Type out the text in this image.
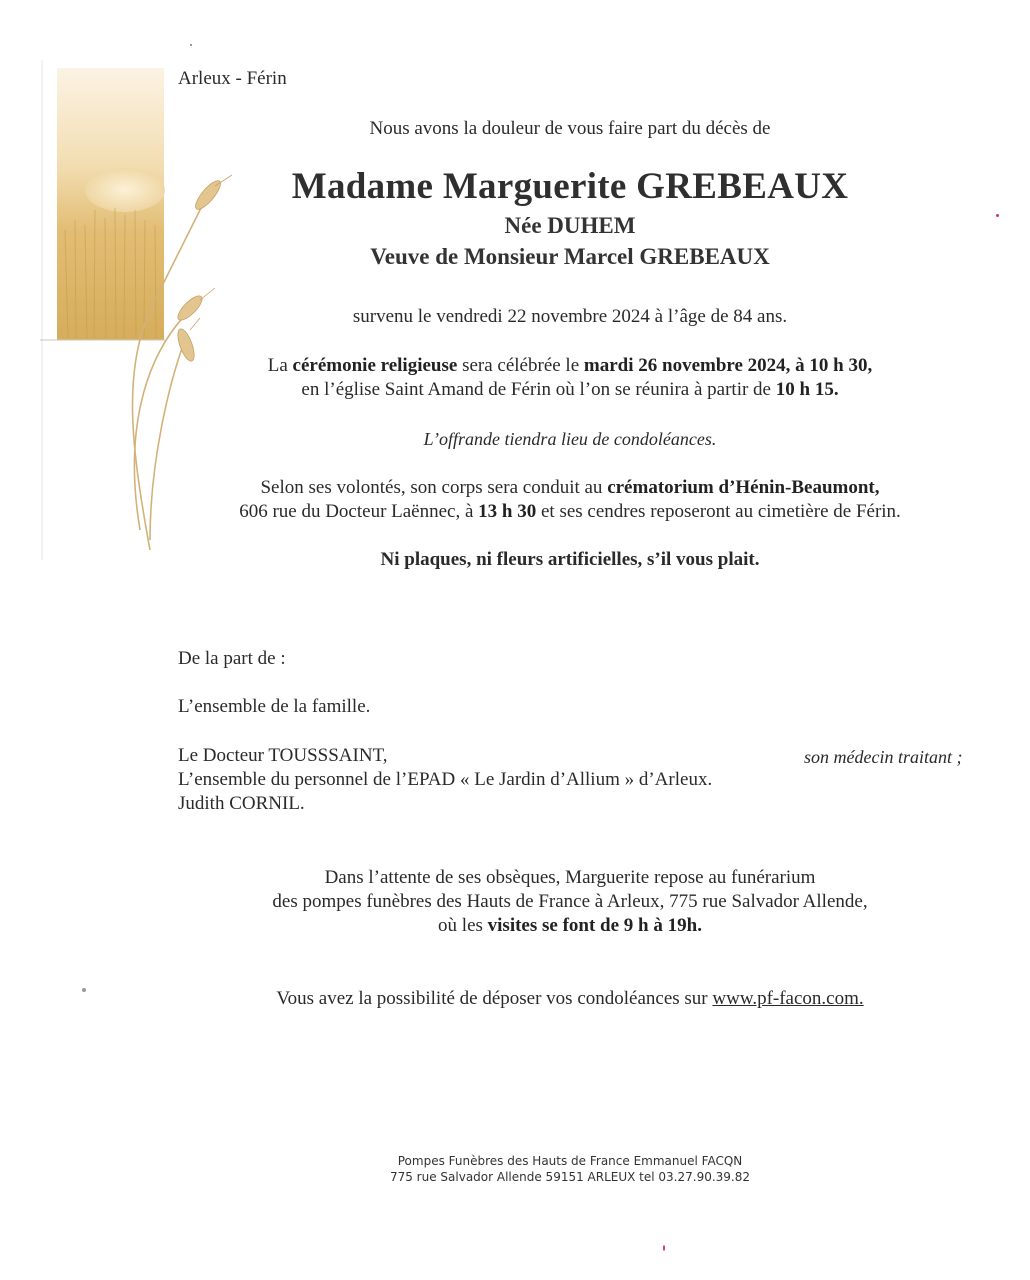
Arleux - Férin
Nous avons la douleur de vous faire part du décès de
Madame Marguerite GREBEAUX
Née DUHEM
Veuve de Monsieur Marcel GREBEAUX
survenu le vendredi 22 novembre 2024 à l’âge de 84 ans.
La cérémonie religieuse sera célébrée le mardi 26 novembre 2024, à 10 h 30,
en l’église Saint Amand de Férin où l’on se réunira à partir de 10 h 15.
L’offrande tiendra lieu de condoléances.
Selon ses volontés, son corps sera conduit au crématorium d’Hénin-Beaumont,
606 rue du Docteur Laënnec, à 13 h 30 et ses cendres reposeront au cimetière de Férin.
Ni plaques, ni fleurs artificielles, s’il vous plait.
De la part de :
L’ensemble de la famille.
Le Docteur TOUSSSAINT,	son médecin traitant ;
L’ensemble du personnel de l’EPAD « Le Jardin d’Allium » d’Arleux.
Judith CORNIL.
Dans l’attente de ses obsèques, Marguerite repose au funérarium
des pompes funèbres des Hauts de France à Arleux, 775 rue Salvador Allende,
où les visites se font de 9 h à 19h.
Vous avez la possibilité de déposer vos condoléances sur www.pf-facon.com.
Pompes Funèbres des Hauts de France Emmanuel FACQN
775 rue Salvador Allende 59151 ARLEUX tel 03.27.90.39.82
